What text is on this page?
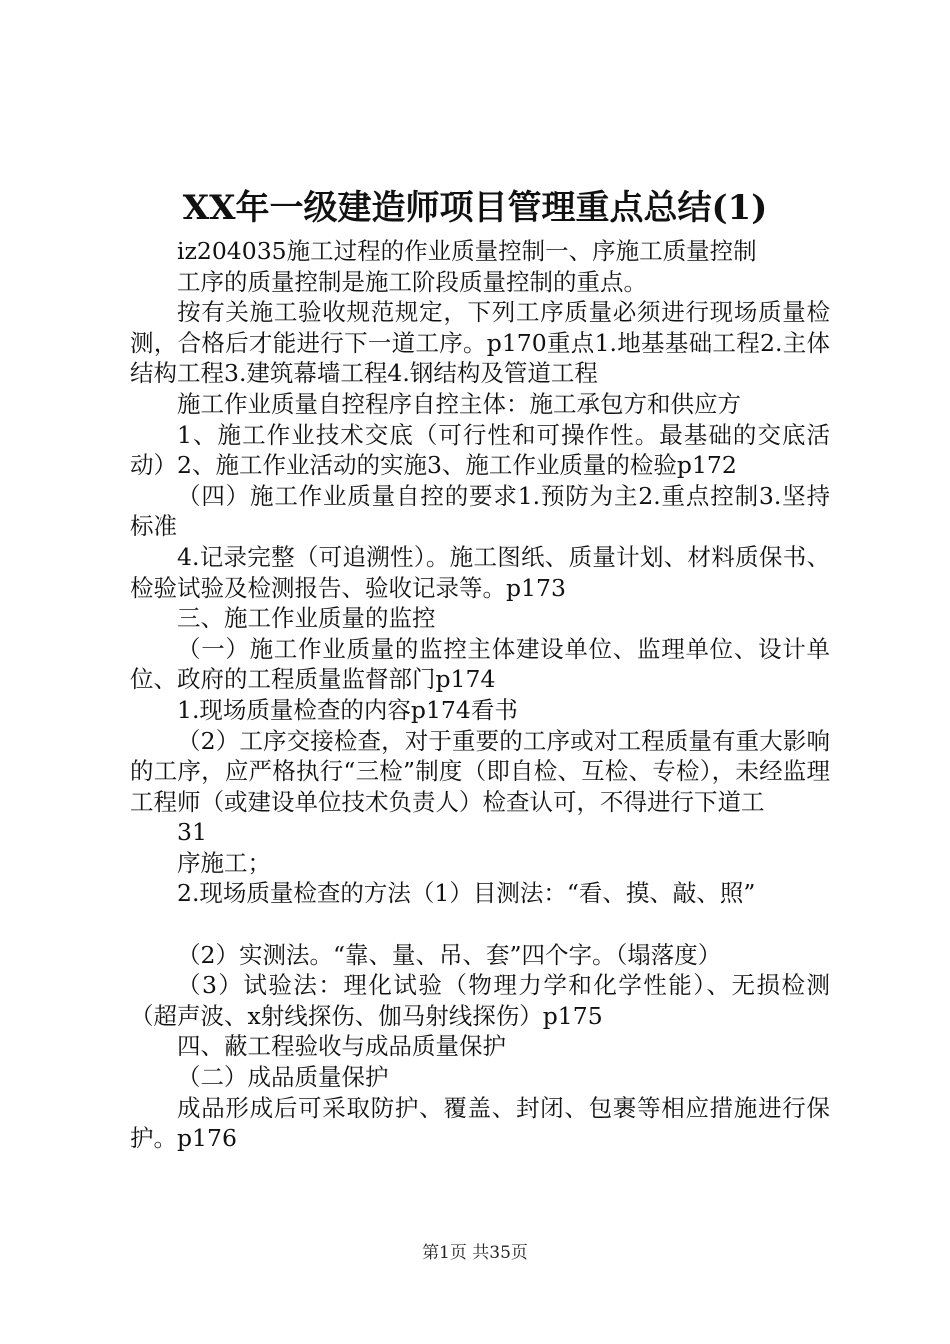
XX年一级建造师项目管理重点总结(1)

iz204035施工过程的作业质量控制一、序施工质量控制

工序的质量控制是施工阶段质量控制的重点。

按有关施工验收规范规定，下列工序质量必须进行现场质量检测，合格后才能进行下一道工序。p170重点1.地基基础工程2.主体结构工程3.建筑幕墙工程4.钢结构及管道工程

施工作业质量自控程序自控主体：施工承包方和供应方

1、施工作业技术交底（可行性和可操作性。最基础的交底活动）2、施工作业活动的实施3、施工作业质量的检验p172

（四）施工作业质量自控的要求1.预防为主2.重点控制3.坚持标准

4.记录完整（可追溯性）。施工图纸、质量计划、材料质保书、检验试验及检测报告、验收记录等。p173

三、施工作业质量的监控

（一）施工作业质量的监控主体建设单位、监理单位、设计单位、政府的工程质量监督部门p174

1.现场质量检查的内容p174看书

（2）工序交接检查，对于重要的工序或对工程质量有重大影响的工序，应严格执行“三检”制度（即自检、互检、专检），未经监理工程师（或建设单位技术负责人）检查认可，不得进行下道工

31

序施工；

2.现场质量检查的方法（1）目测法：“看、摸、敲、照”

（2）实测法。“靠、量、吊、套”四个字。（塌落度）

（3）试验法：理化试验（物理力学和化学性能）、无损检测（超声波、x射线探伤、伽马射线探伤）p175

四、蔽工程验收与成品质量保护

（二）成品质量保护

成品形成后可采取防护、覆盖、封闭、包裹等相应措施进行保护。p176

第1页 共35页
